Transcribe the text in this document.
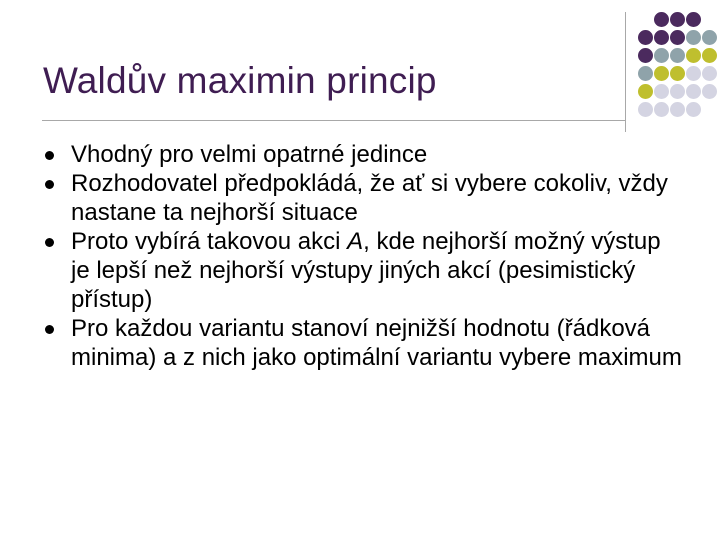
Waldův maximin princip
Vhodný pro velmi opatrné jedince
Rozhodovatel předpokládá, že ať si vybere cokoliv, vždy nastane ta nejhorší situace
Proto vybírá takovou akci A, kde nejhorší možný výstup je lepší než nejhorší výstupy jiných akcí (pesimistický přístup)
Pro každou variantu stanoví nejnižší hodnotu (řádková minima) a z nich jako optimální variantu vybere maximum
